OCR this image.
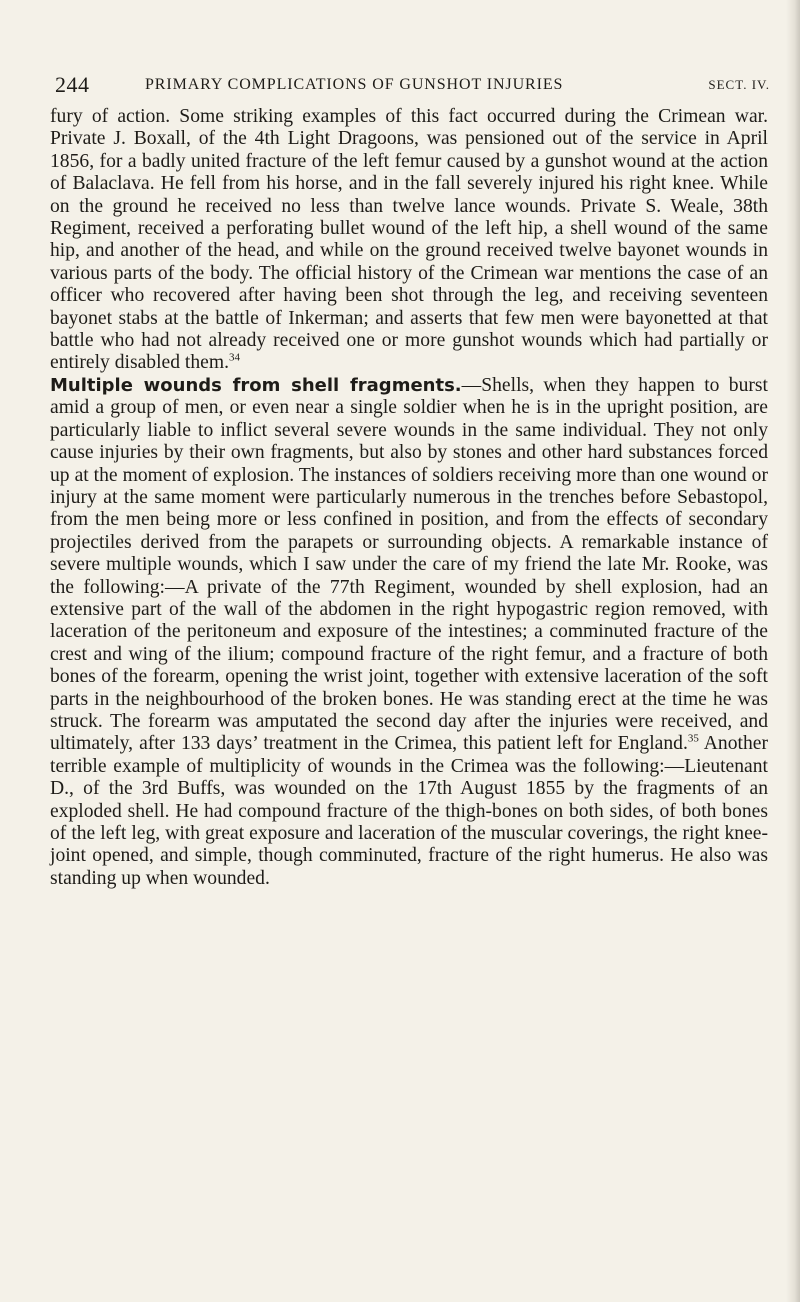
244	PRIMARY COMPLICATIONS OF GUNSHOT INJURIES	SECT. IV.

fury of action. Some striking examples of this fact occurred during the Crimean war. Private J. Boxall, of the 4th Light Dragoons, was pensioned out of the service in April 1856, for a badly united fracture of the left femur caused by a gunshot wound at the action of Balaclava. He fell from his horse, and in the fall severely injured his right knee. While on the ground he received no less than twelve lance wounds. Private S. Weale, 38th Regiment, received a perforating bullet wound of the left hip, a shell wound of the same hip, and another of the head, and while on the ground received twelve bayonet wounds in various parts of the body. The official history of the Crimean war mentions the case of an officer who recovered after having been shot through the leg, and receiving seventeen bayonet stabs at the battle of Inkerman; and asserts that few men were bayonetted at that battle who had not already received one or more gunshot wounds which had partially or entirely disabled them.$^{34}$

Multiple wounds from shell fragments.—Shells, when they happen to burst amid a group of men, or even near a single soldier when he is in the upright position, are particularly liable to inflict several severe wounds in the same individual. They not only cause injuries by their own fragments, but also by stones and other hard substances forced up at the moment of explosion. The instances of soldiers receiving more than one wound or injury at the same moment were particularly numerous in the trenches before Sebastopol, from the men being more or less confined in position, and from the effects of secondary projectiles derived from the parapets or surrounding objects. A remarkable instance of severe multiple wounds, which I saw under the care of my friend the late Mr. Rooke, was the following:—A private of the 77th Regiment, wounded by shell explosion, had an extensive part of the wall of the abdomen in the right hypogastric region removed, with laceration of the peritoneum and exposure of the intestines; a comminuted fracture of the crest and wing of the ilium; compound fracture of the right femur, and a fracture of both bones of the forearm, opening the wrist joint, together with extensive laceration of the soft parts in the neighbourhood of the broken bones. He was standing erect at the time he was struck. The forearm was amputated the second day after the injuries were received, and ultimately, after 133 days’ treatment in the Crimea, this patient left for England.$^{35}$ Another terrible example of multiplicity of wounds in the Crimea was the following:—Lieutenant D., of the 3rd Buffs, was wounded on the 17th August 1855 by the fragments of an exploded shell. He had compound fracture of the thigh-bones on both sides, of both bones of the left leg, with great exposure and laceration of the muscular coverings, the right knee-joint opened, and simple, though comminuted, fracture of the right humerus. He also was standing up when wounded.
